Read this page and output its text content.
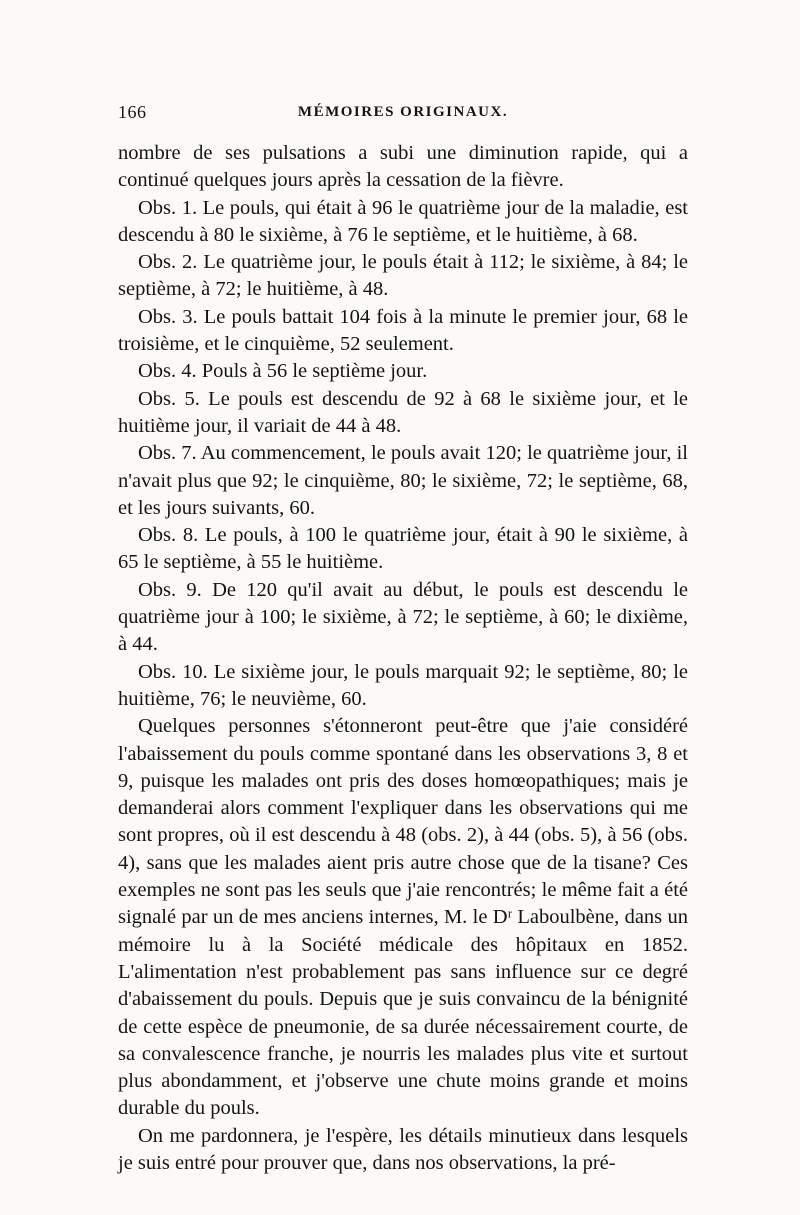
166	MÉMOIRES ORIGINAUX.

nombre de ses pulsations a subi une diminution rapide, qui a continué quelques jours après la cessation de la fièvre.

Obs. 1. Le pouls, qui était à 96 le quatrième jour de la maladie, est descendu à 80 le sixième, à 76 le septième, et le huitième, à 68.

Obs. 2. Le quatrième jour, le pouls était à 112; le sixième, à 84; le septième, à 72; le huitième, à 48.

Obs. 3. Le pouls battait 104 fois à la minute le premier jour, 68 le troisième, et le cinquième, 52 seulement.

Obs. 4. Pouls à 56 le septième jour.

Obs. 5. Le pouls est descendu de 92 à 68 le sixième jour, et le huitième jour, il variait de 44 à 48.

Obs. 7. Au commencement, le pouls avait 120; le quatrième jour, il n'avait plus que 92; le cinquième, 80; le sixième, 72; le septième, 68, et les jours suivants, 60.

Obs. 8. Le pouls, à 100 le quatrième jour, était à 90 le sixième, à 65 le septième, à 55 le huitième.

Obs. 9. De 120 qu'il avait au début, le pouls est descendu le quatrième jour à 100; le sixième, à 72; le septième, à 60; le dixième, à 44.

Obs. 10. Le sixième jour, le pouls marquait 92; le septième, 80; le huitième, 76; le neuvième, 60.

Quelques personnes s'étonneront peut-être que j'aie considéré l'abaissement du pouls comme spontané dans les observations 3, 8 et 9, puisque les malades ont pris des doses homœopathiques; mais je demanderai alors comment l'expliquer dans les observations qui me sont propres, où il est descendu à 48 (obs. 2), à 44 (obs. 5), à 56 (obs. 4), sans que les malades aient pris autre chose que de la tisane? Ces exemples ne sont pas les seuls que j'aie rencontrés; le même fait a été signalé par un de mes anciens internes, M. le Dʳ Laboulbène, dans un mémoire lu à la Société médicale des hôpitaux en 1852. L'alimentation n'est probablement pas sans influence sur ce degré d'abaissement du pouls. Depuis que je suis convaincu de la bénignité de cette espèce de pneumonie, de sa durée nécessairement courte, de sa convalescence franche, je nourris les malades plus vite et surtout plus abondamment, et j'observe une chute moins grande et moins durable du pouls.

On me pardonnera, je l'espère, les détails minutieux dans lesquels je suis entré pour prouver que, dans nos observations, la pré-
